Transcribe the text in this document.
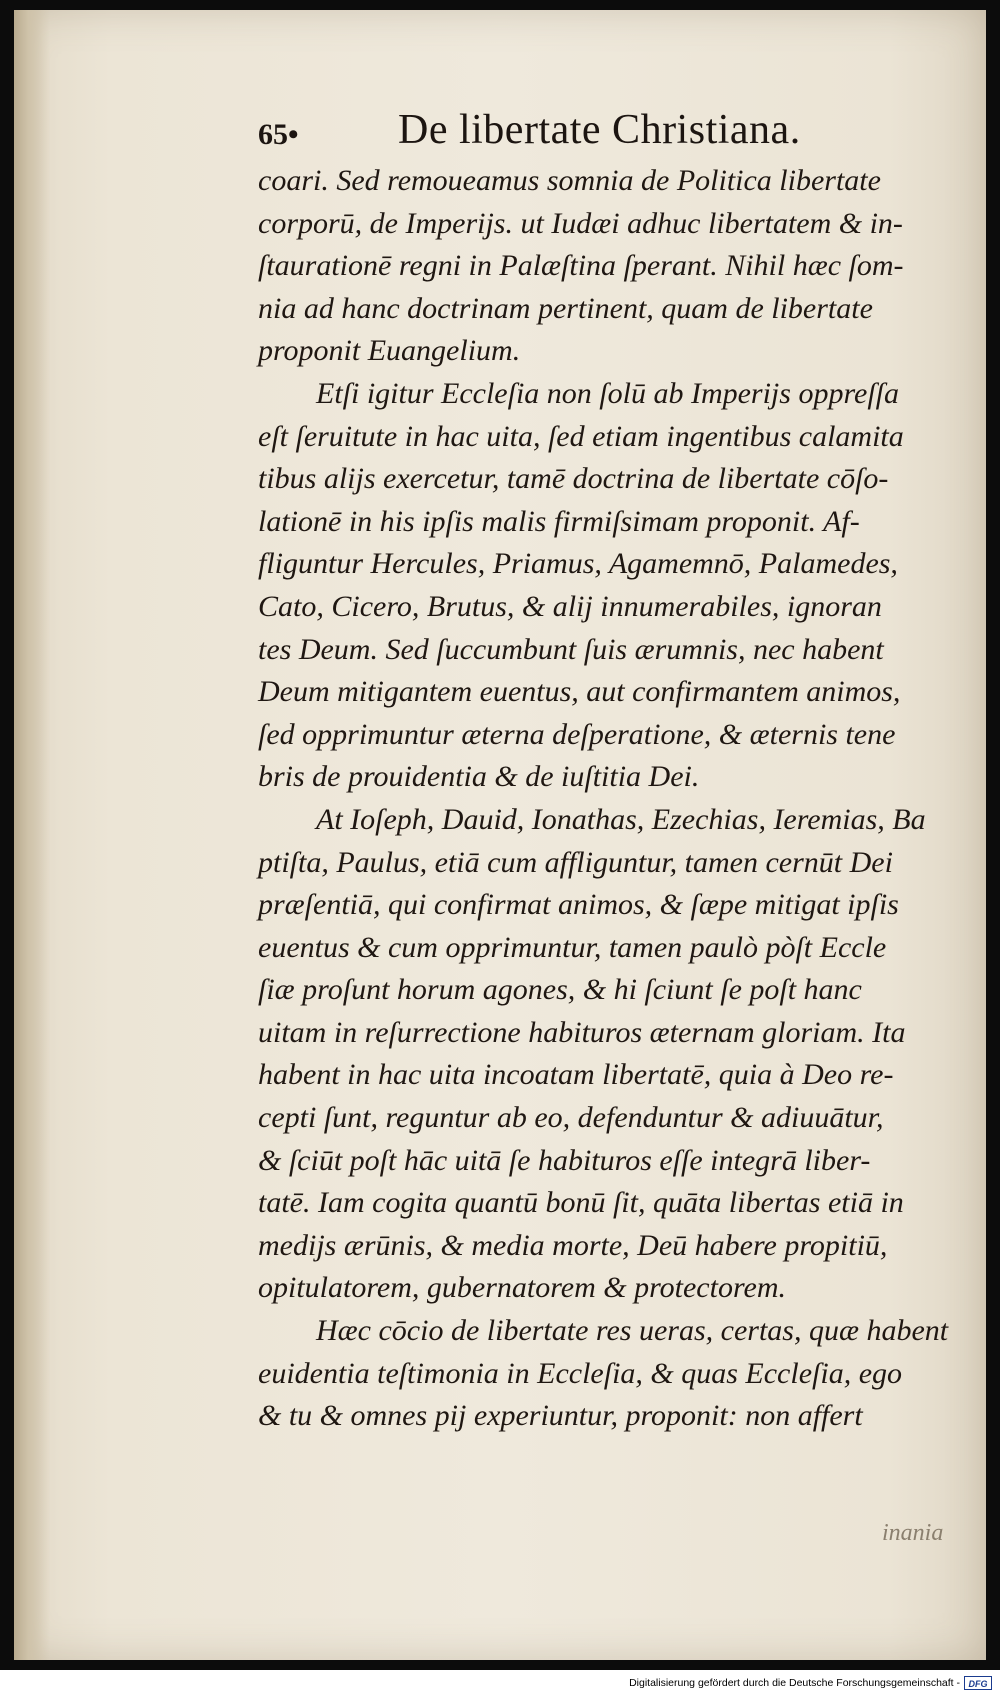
65• De libertate Christiana.
coari. Sed remoueamus somnia de Politica libertate
corporū, de Imperijs. ut Iudæi adhuc libertatem & in-
ſtaurationē regni in Palæſtina ſperant. Nihil hæc ſom-
nia ad hanc doctrinam pertinent, quam de libertate
proponit Euangelium.
Etſi igitur Eccleſia non ſolū ab Imperijs oppreſſa
eſt ſeruitute in hac uita, ſed etiam ingentibus calamita
tibus alijs exercetur, tamē doctrina de libertate cōſo-
lationē in his ipſis malis firmiſsimam proponit. Af-
fliguntur Hercules, Priamus, Agamemnō, Palamedes,
Cato, Cicero, Brutus, & alij innumerabiles, ignoran
tes Deum. Sed ſuccumbunt ſuis ærumnis, nec habent
Deum mitigantem euentus, aut confirmantem animos,
ſed opprimuntur æterna deſperatione, & æternis tene
bris de prouidentia & de iuſtitia Dei.
At Ioſeph, Dauid, Ionathas, Ezechias, Ieremias, Ba
ptiſta, Paulus, etiā cum affliguntur, tamen cernūt Dei
præſentiā, qui confirmat animos, & ſæpe mitigat ipſis
euentus & cum opprimuntur, tamen paulò pòſt Eccle
ſiæ proſunt horum agones, & hi ſciunt ſe poſt hanc
uitam in reſurrectione habituros æternam gloriam. Ita
habent in hac uita incoatam libertatē, quia à Deo re-
cepti ſunt, reguntur ab eo, defenduntur & adiuuātur,
& ſciūt poſt hāc uitā ſe habituros eſſe integrā liber-
tatē. Iam cogita quantū bonū ſit, quāta libertas etiā in
medijs ærūnis, & media morte, Deū habere propitiū,
opitulatorem, gubernatorem & protectorem.
Hæc cōcio de libertate res ueras, certas, quæ habent
euidentia teſtimonia in Eccleſia, & quas Eccleſia, ego
& tu & omnes pij experiuntur, proponit: non affert
inania
Digitalisierung gefördert durch die Deutsche Forschungsgemeinschaft - DFG
